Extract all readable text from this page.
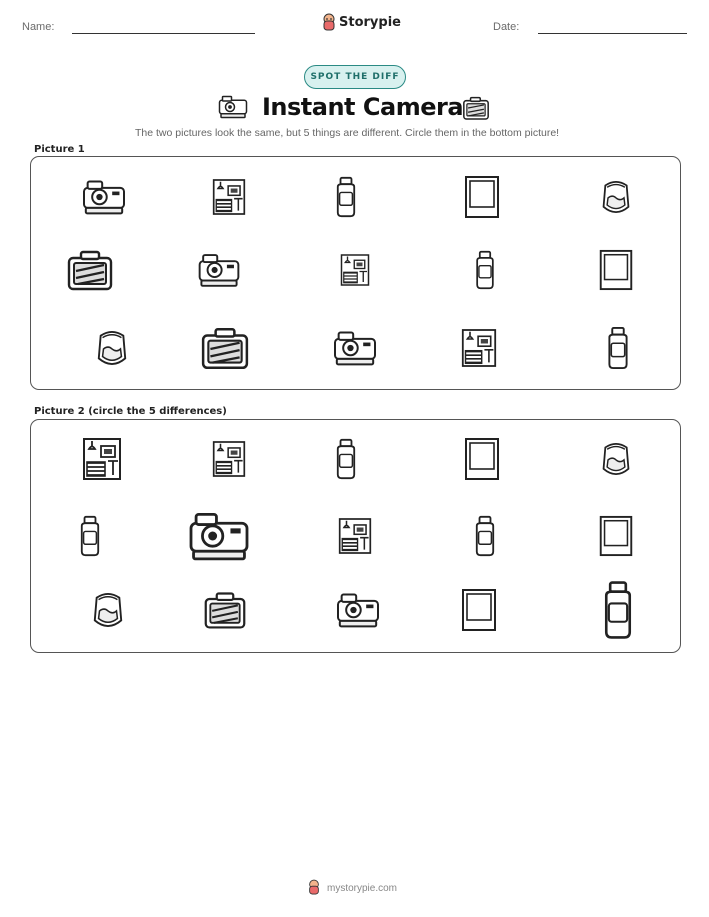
Name:	Storypie	Date:
SPOT THE DIFF
Instant Camera
The two pictures look the same, but 5 things are different. Circle them in the bottom picture!
Picture 1
Picture 2 (circle the 5 differences)
mystorypie.com
